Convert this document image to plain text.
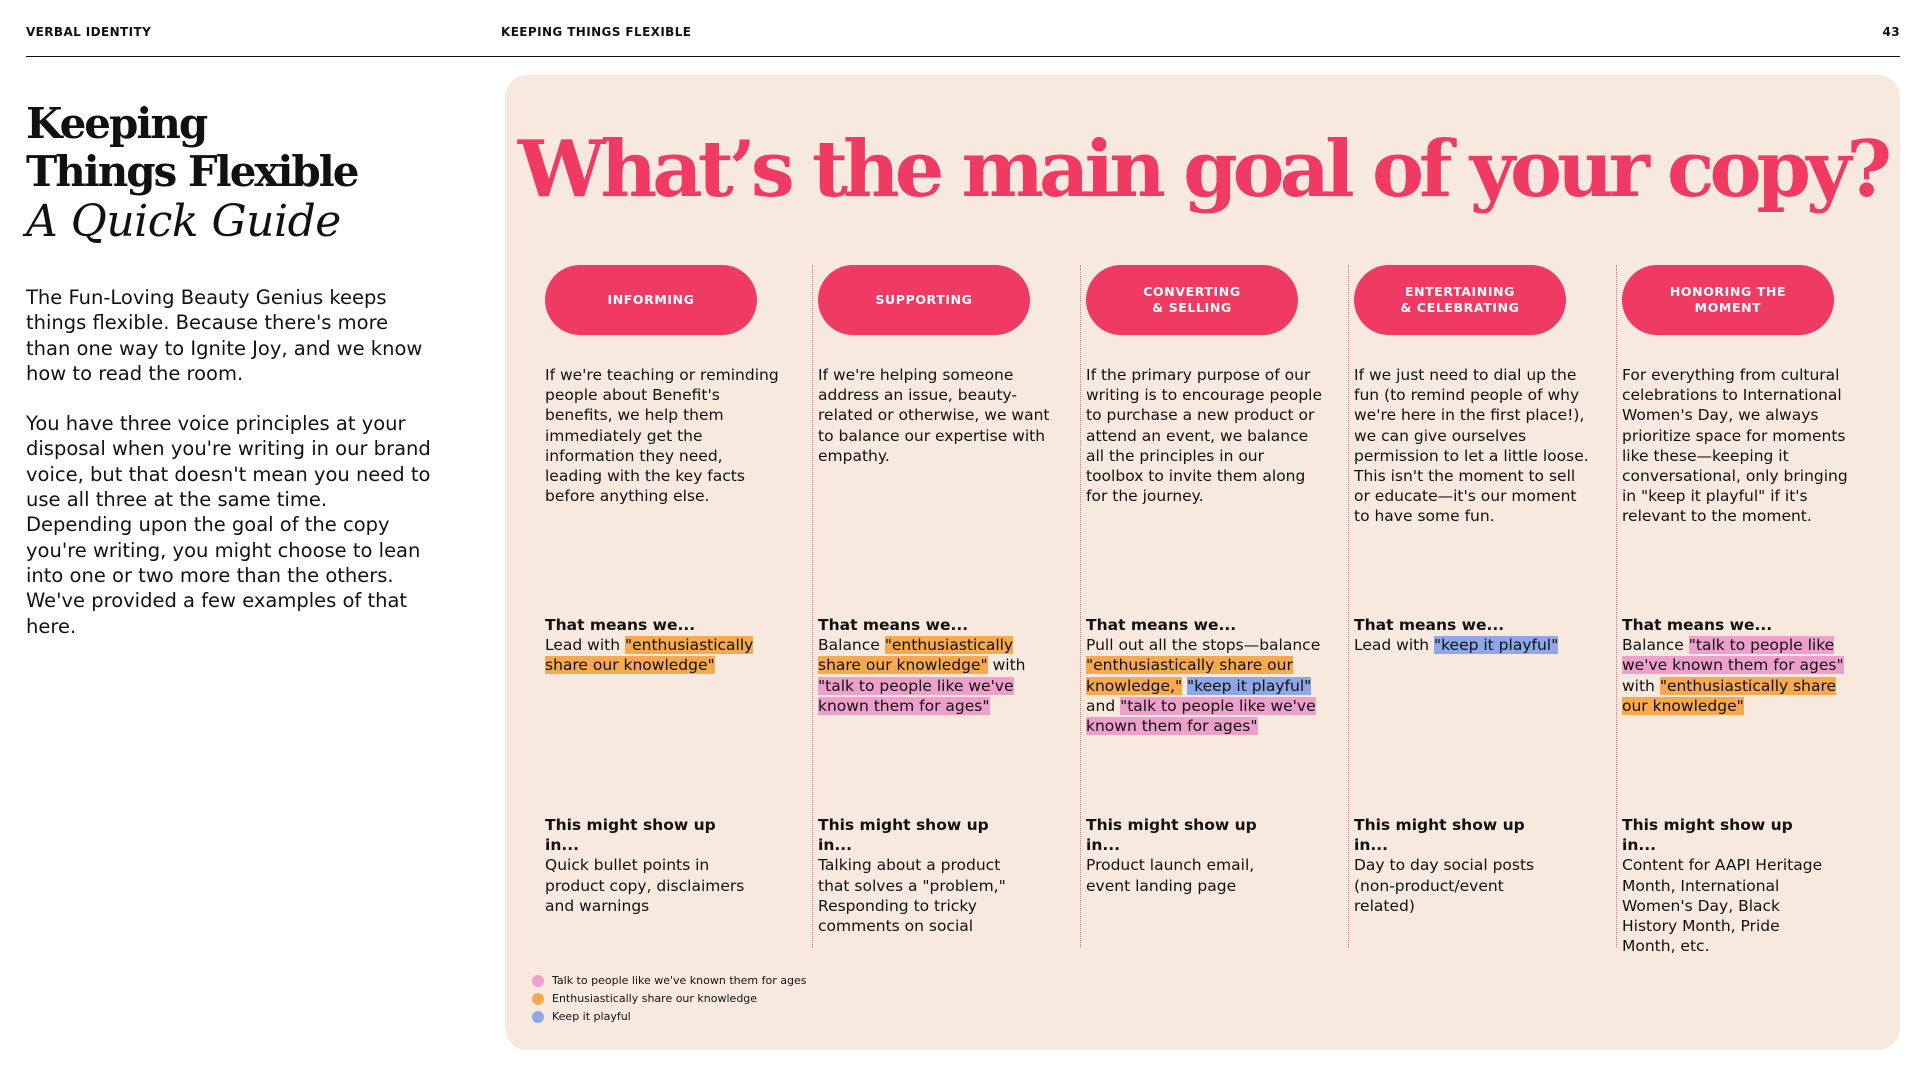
VERBAL IDENTITY	KEEPING THINGS FLEXIBLE	43
Keeping
Things Flexible
A Quick Guide

The Fun-Loving Beauty Genius keeps things flexible. Because there's more than one way to Ignite Joy, and we know how to read the room.

You have three voice principles at your disposal when you're writing in our brand voice, but that doesn't mean you need to use all three at the same time. Depending upon the goal of the copy you're writing, you might choose to lean into one or two more than the others. We've provided a few examples of that here.

What’s the main goal of your copy?
INFORMING
If we're teaching or reminding people about Benefit's benefits, we help them immediately get the information they need, leading with the key facts before anything else.
That means we...
Lead with "enthusiastically share our knowledge"
This might show up in...
Quick bullet points in product copy, disclaimers and warnings
SUPPORTING
If we're helping someone address an issue, beauty-related or otherwise, we want to balance our expertise with empathy.
That means we...
Balance "enthusiastically share our knowledge" with "talk to people like we've known them for ages"
This might show up in...
Talking about a product that solves a "problem," Responding to tricky comments on social
CONVERTING
& SELLING
If the primary purpose of our writing is to encourage people to purchase a new product or attend an event, we balance all the principles in our toolbox to invite them along for the journey.
That means we...
Pull out all the stops—balance "enthusiastically share our knowledge," "keep it playful" and "talk to people like we've known them for ages"
This might show up in...
Product launch email, event landing page
ENTERTAINING
& CELEBRATING
If we just need to dial up the fun (to remind people of why we're here in the first place!), we can give ourselves permission to let a little loose. This isn't the moment to sell or educate—it's our moment to have some fun.
That means we...
Lead with "keep it playful"
This might show up in...
Day to day social posts (non-product/event related)
HONORING THE
MOMENT
For everything from cultural celebrations to International Women's Day, we always prioritize space for moments like these—keeping it conversational, only bringing in "keep it playful" if it's relevant to the moment.
That means we...
Balance "talk to people like we've known them for ages" with "enthusiastically share our knowledge"
This might show up in...
Content for AAPI Heritage Month, International Women's Day, Black History Month, Pride Month, etc.
Talk to people like we've known them for ages
Enthusiastically share our knowledge
Keep it playful
